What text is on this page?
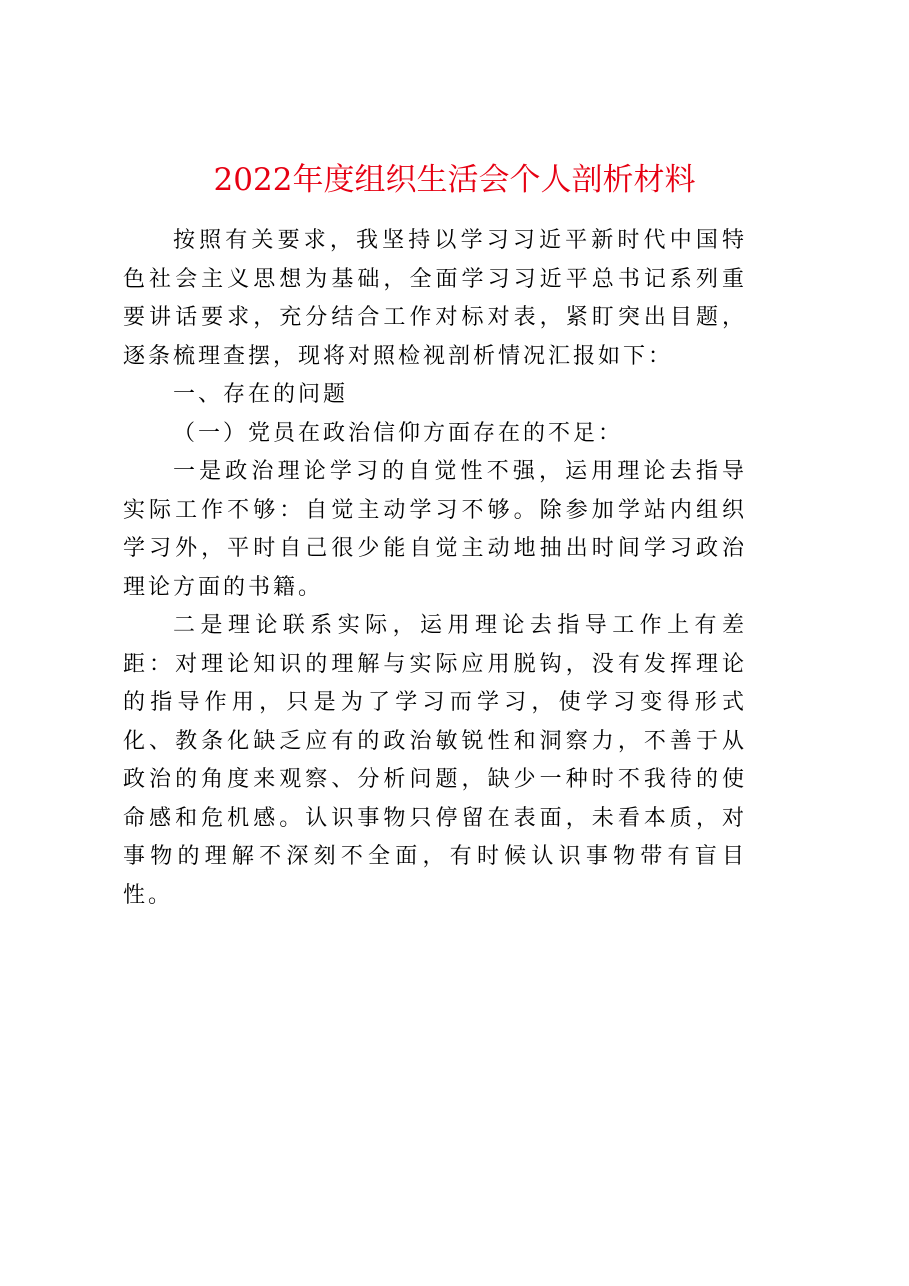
2022年度组织生活会个人剖析材料

按照有关要求，我坚持以学习习近平新时代中国特色社会主义思想为基础，全面学习习近平总书记系列重要讲话要求，充分结合工作对标对表，紧盯突出目题，逐条梳理查摆，现将对照检视剖析情况汇报如下：

一、存在的问题

（一）党员在政治信仰方面存在的不足：

一是政治理论学习的自觉性不强，运用理论去指导实际工作不够：自觉主动学习不够。除参加学站内组织学习外，平时自己很少能自觉主动地抽出时间学习政治理论方面的书籍。

二是理论联系实际，运用理论去指导工作上有差距：对理论知识的理解与实际应用脱钩，没有发挥理论的指导作用，只是为了学习而学习，使学习变得形式化、教条化缺乏应有的政治敏锐性和洞察力，不善于从政治的角度来观察、分析问题，缺少一种时不我待的使命感和危机感。认识事物只停留在表面，未看本质，对事物的理解不深刻不全面，有时候认识事物带有盲目性。
